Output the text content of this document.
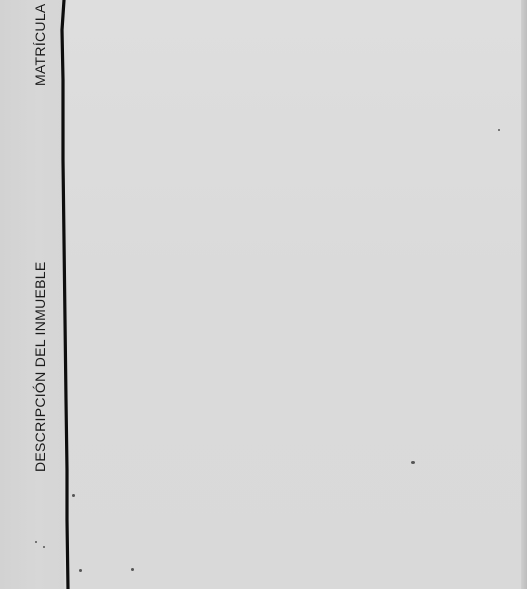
MATRÍCULA
DESCRIPCIÓN DEL INMUEBLE
